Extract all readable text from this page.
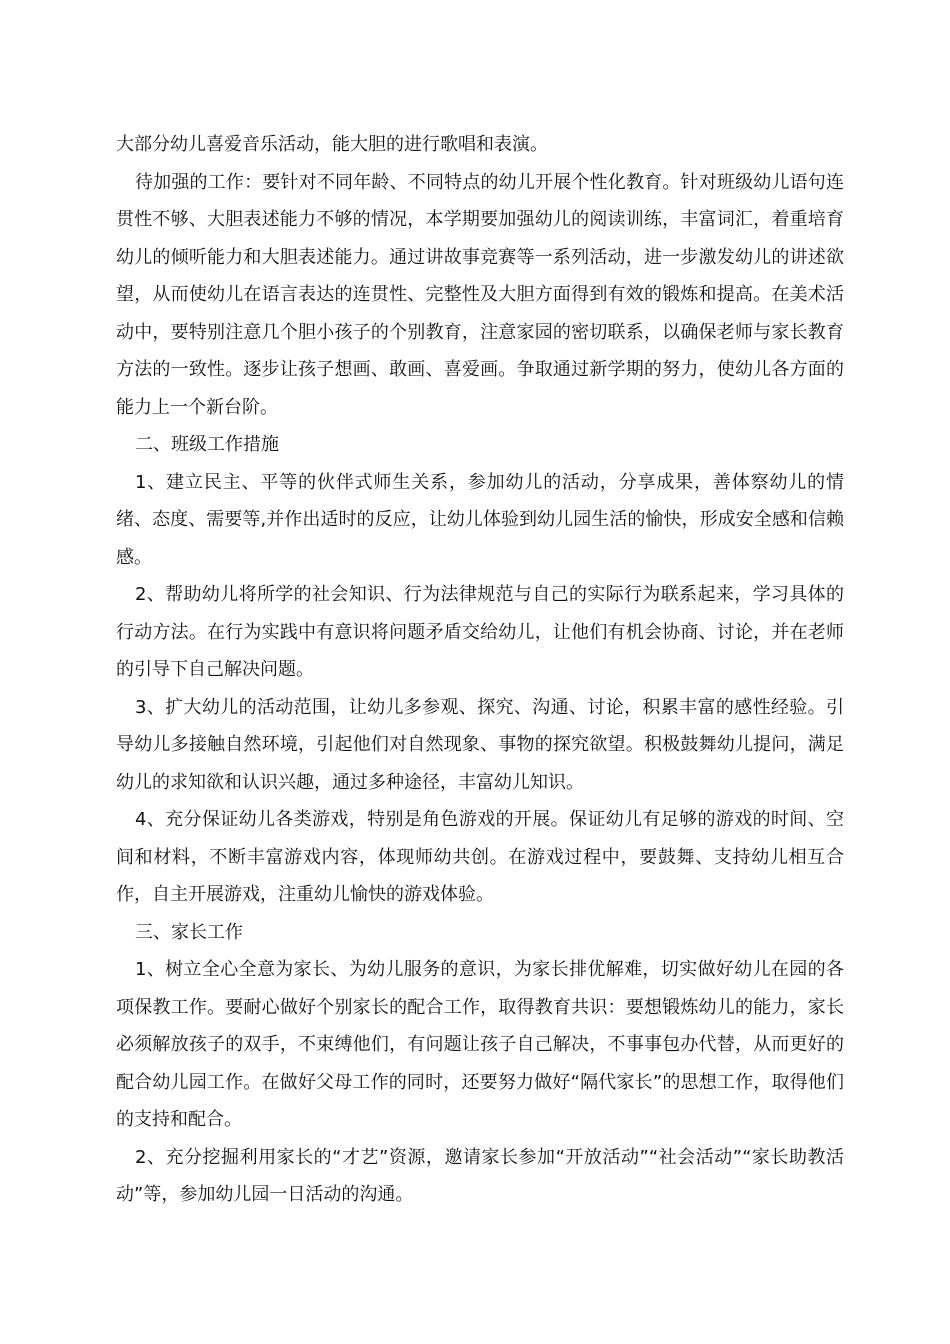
大部分幼儿喜爱音乐活动，能大胆的进行歌唱和表演。

待加强的工作：要针对不同年龄、不同特点的幼儿开展个性化教育。针对班级幼儿语句连贯性不够、大胆表述能力不够的情况，本学期要加强幼儿的阅读训练，丰富词汇，着重培育幼儿的倾听能力和大胆表述能力。通过讲故事竞赛等一系列活动，进一步激发幼儿的讲述欲望，从而使幼儿在语言表达的连贯性、完整性及大胆方面得到有效的锻炼和提高。在美术活动中，要特别注意几个胆小孩子的个别教育，注意家园的密切联系，以确保老师与家长教育方法的一致性。逐步让孩子想画、敢画、喜爱画。争取通过新学期的努力，使幼儿各方面的能力上一个新台阶。

二、班级工作措施

1、建立民主、平等的伙伴式师生关系，参加幼儿的活动，分享成果，善体察幼儿的情绪、态度、需要等,并作出适时的反应，让幼儿体验到幼儿园生活的愉快，形成安全感和信赖感。

2、帮助幼儿将所学的社会知识、行为法律规范与自己的实际行为联系起来，学习具体的行动方法。在行为实践中有意识将问题矛盾交给幼儿，让他们有机会协商、讨论，并在老师的引导下自己解决问题。

3、扩大幼儿的活动范围，让幼儿多参观、探究、沟通、讨论，积累丰富的感性经验。引导幼儿多接触自然环境，引起他们对自然现象、事物的探究欲望。积极鼓舞幼儿提问，满足幼儿的求知欲和认识兴趣，通过多种途径，丰富幼儿知识。

4、充分保证幼儿各类游戏，特别是角色游戏的开展。保证幼儿有足够的游戏的时间、空间和材料，不断丰富游戏内容，体现师幼共创。在游戏过程中，要鼓舞、支持幼儿相互合作，自主开展游戏，注重幼儿愉快的游戏体验。

三、家长工作

1、树立全心全意为家长、为幼儿服务的意识，为家长排优解难，切实做好幼儿在园的各项保教工作。要耐心做好个别家长的配合工作，取得教育共识：要想锻炼幼儿的能力，家长必须解放孩子的双手，不束缚他们，有问题让孩子自己解决，不事事包办代替，从而更好的配合幼儿园工作。在做好父母工作的同时，还要努力做好“隔代家长”的思想工作，取得他们的支持和配合。

2、充分挖掘利用家长的“才艺”资源，邀请家长参加“开放活动”“社会活动”“家长助教活动”等，参加幼儿园一日活动的沟通。
